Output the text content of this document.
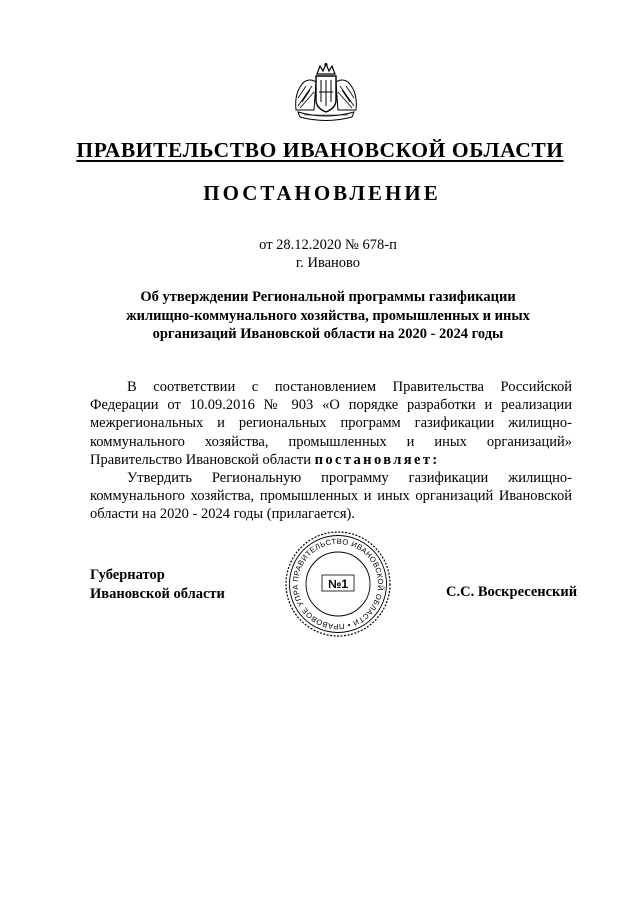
ПРАВИТЕЛЬСТВО ИВАНОВСКОЙ ОБЛАСТИ
ПОСТАНОВЛЕНИЕ
от 28.12.2020 № 678-п
г. Иваново
Об утверждении Региональной программы газификации
жилищно-коммунального хозяйства, промышленных и иных
организаций Ивановской области на 2020 - 2024 годы

В соответствии с постановлением Правительства Российской Федерации от 10.09.2016 № 903 «О порядке разработки и реализации межрегиональных и региональных программ газификации жилищно-коммунального хозяйства, промышленных и иных организаций» Правительство Ивановской области постановляет:

Утвердить Региональную программу газификации жилищно-коммунального хозяйства, промышленных и иных организаций Ивановской области на 2020 - 2024 годы (прилагается).

Губернатор
Ивановской области
ПРАВИТЕЛЬСТВО ИВАНОВСКОЙ ОБЛАСТИ • ПРАВОВОЕ УПРА	№1	С.С. Воскресенский
